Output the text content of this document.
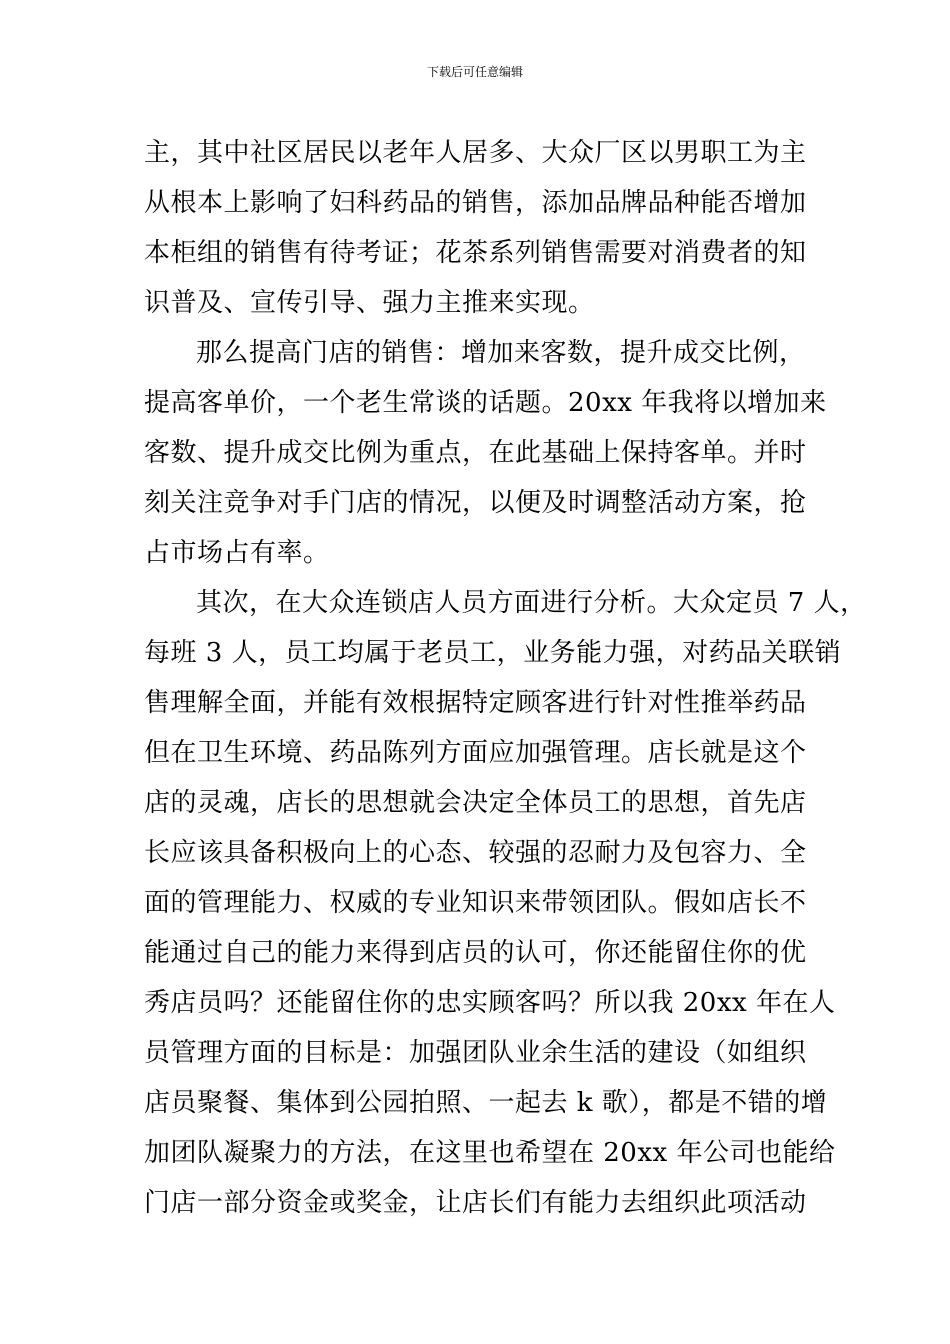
下载后可任意编辑
主，其中社区居民以老年人居多、大众厂区以男职工为主
从根本上影响了妇科药品的销售，添加品牌品种能否增加
本柜组的销售有待考证；花茶系列销售需要对消费者的知
识普及、宣传引导、强力主推来实现。
那么提高门店的销售：增加来客数，提升成交比例，
提高客单价，一个老生常谈的话题。20xx 年我将以增加来
客数、提升成交比例为重点，在此基础上保持客单。并时
刻关注竞争对手门店的情况，以便及时调整活动方案，抢
占市场占有率。
其次，在大众连锁店人员方面进行分析。大众定员 7 人，
每班 3 人，员工均属于老员工，业务能力强，对药品关联销
售理解全面，并能有效根据特定顾客进行针对性推举药品
但在卫生环境、药品陈列方面应加强管理。店长就是这个
店的灵魂，店长的思想就会决定全体员工的思想，首先店
长应该具备积极向上的心态、较强的忍耐力及包容力、全
面的管理能力、权威的专业知识来带领团队。假如店长不
能通过自己的能力来得到店员的认可，你还能留住你的优
秀店员吗？还能留住你的忠实顾客吗？所以我 20xx 年在人
员管理方面的目标是：加强团队业余生活的建设（如组织
店员聚餐、集体到公园拍照、一起去 k 歌），都是不错的增
加团队凝聚力的方法，在这里也希望在 20xx 年公司也能给
门店一部分资金或奖金，让店长们有能力去组织此项活动
